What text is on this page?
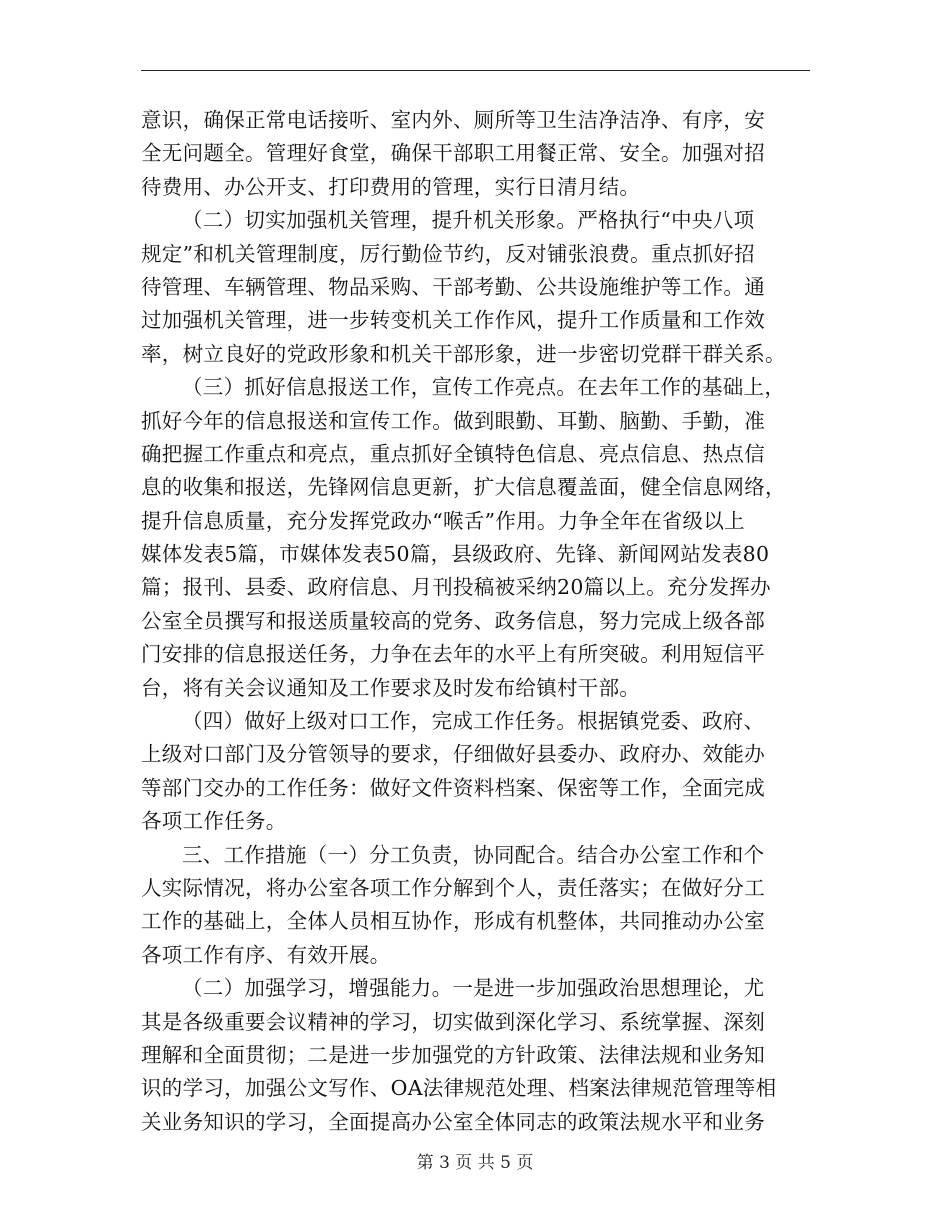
意识，确保正常电话接听、室内外、厕所等卫生洁净洁净、有序，安
全无问题全。管理好食堂，确保干部职工用餐正常、安全。加强对招
待费用、办公开支、打印费用的管理，实行日清月结。
（二）切实加强机关管理，提升机关形象。严格执行“中央八项
规定”和机关管理制度，厉行勤俭节约，反对铺张浪费。重点抓好招
待管理、车辆管理、物品采购、干部考勤、公共设施维护等工作。通
过加强机关管理，进一步转变机关工作作风，提升工作质量和工作效
率，树立良好的党政形象和机关干部形象，进一步密切党群干群关系。
（三）抓好信息报送工作，宣传工作亮点。在去年工作的基础上，
抓好今年的信息报送和宣传工作。做到眼勤、耳勤、脑勤、手勤，准
确把握工作重点和亮点，重点抓好全镇特色信息、亮点信息、热点信
息的收集和报送，先锋网信息更新，扩大信息覆盖面，健全信息网络，
提升信息质量，充分发挥党政办“喉舌”作用。力争全年在省级以上
媒体发表5篇，市媒体发表50篇，县级政府、先锋、新闻网站发表80
篇；报刊、县委、政府信息、月刊投稿被采纳20篇以上。充分发挥办
公室全员撰写和报送质量较高的党务、政务信息，努力完成上级各部
门安排的信息报送任务，力争在去年的水平上有所突破。利用短信平
台，将有关会议通知及工作要求及时发布给镇村干部。
（四）做好上级对口工作，完成工作任务。根据镇党委、政府、
上级对口部门及分管领导的要求，仔细做好县委办、政府办、效能办
等部门交办的工作任务：做好文件资料档案、保密等工作，全面完成
各项工作任务。
三、工作措施（一）分工负责，协同配合。结合办公室工作和个
人实际情况，将办公室各项工作分解到个人，责任落实；在做好分工
工作的基础上，全体人员相互协作，形成有机整体，共同推动办公室
各项工作有序、有效开展。
（二）加强学习，增强能力。一是进一步加强政治思想理论，尤
其是各级重要会议精神的学习，切实做到深化学习、系统掌握、深刻
理解和全面贯彻；二是进一步加强党的方针政策、法律法规和业务知
识的学习，加强公文写作、OA法律规范处理、档案法律规范管理等相
关业务知识的学习，全面提高办公室全体同志的政策法规水平和业务
第 3 页 共 5 页
